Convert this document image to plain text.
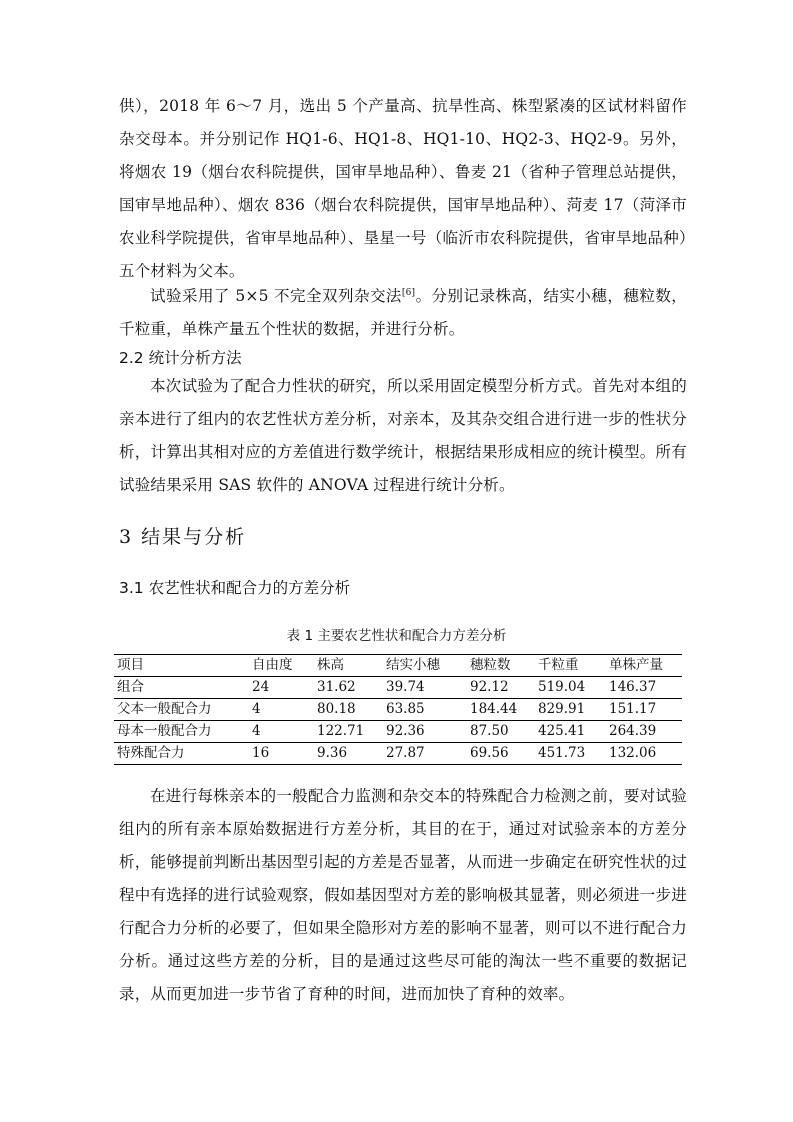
供），2018 年 6～7 月，选出 5 个产量高、抗旱性高、株型紧凑的区试材料留作杂交母本。并分别记作 HQ1-6、HQ1-8、HQ1-10、HQ2-3、HQ2-9。另外，将烟农 19（烟台农科院提供，国审旱地品种）、鲁麦 21（省种子管理总站提供，国审旱地品种）、烟农 836（烟台农科院提供，国审旱地品种）、菏麦 17（菏泽市农业科学院提供，省审旱地品种）、垦星一号（临沂市农科院提供，省审旱地品种）五个材料为父本。

试验采用了 5×5 不完全双列杂交法[6]。分别记录株高，结实小穗，穗粒数，千粒重，单株产量五个性状的数据，并进行分析。

2.2 统计分析方法

本次试验为了配合力性状的研究，所以采用固定模型分析方式。首先对本组的亲本进行了组内的农艺性状方差分析，对亲本，及其杂交组合进行进一步的性状分析，计算出其相对应的方差值进行数学统计，根据结果形成相应的统计模型。所有试验结果采用 SAS 软件的 ANOVA 过程进行统计分析。

3 结果与分析
3.1 农艺性状和配合力的方差分析
表 1 主要农艺性状和配合力方差分析
项目	自由度	株高	结实小穗	穗粒数	千粒重	单株产量
组合	24	31.62	39.74	92.12	519.04	146.37
父本一般配合力	4	80.18	63.85	184.44	829.91	151.17
母本一般配合力	4	122.71	92.36	87.50	425.41	264.39
特殊配合力	16	9.36	27.87	69.56	451.73	132.06

在进行每株亲本的一般配合力监测和杂交本的特殊配合力检测之前，要对试验组内的所有亲本原始数据进行方差分析，其目的在于，通过对试验亲本的方差分析，能够提前判断出基因型引起的方差是否显著，从而进一步确定在研究性状的过程中有选择的进行试验观察，假如基因型对方差的影响极其显著，则必须进一步进行配合力分析的必要了，但如果全隐形对方差的影响不显著，则可以不进行配合力分析。通过这些方差的分析，目的是通过这些尽可能的淘汰一些不重要的数据记录，从而更加进一步节省了育种的时间，进而加快了育种的效率。
